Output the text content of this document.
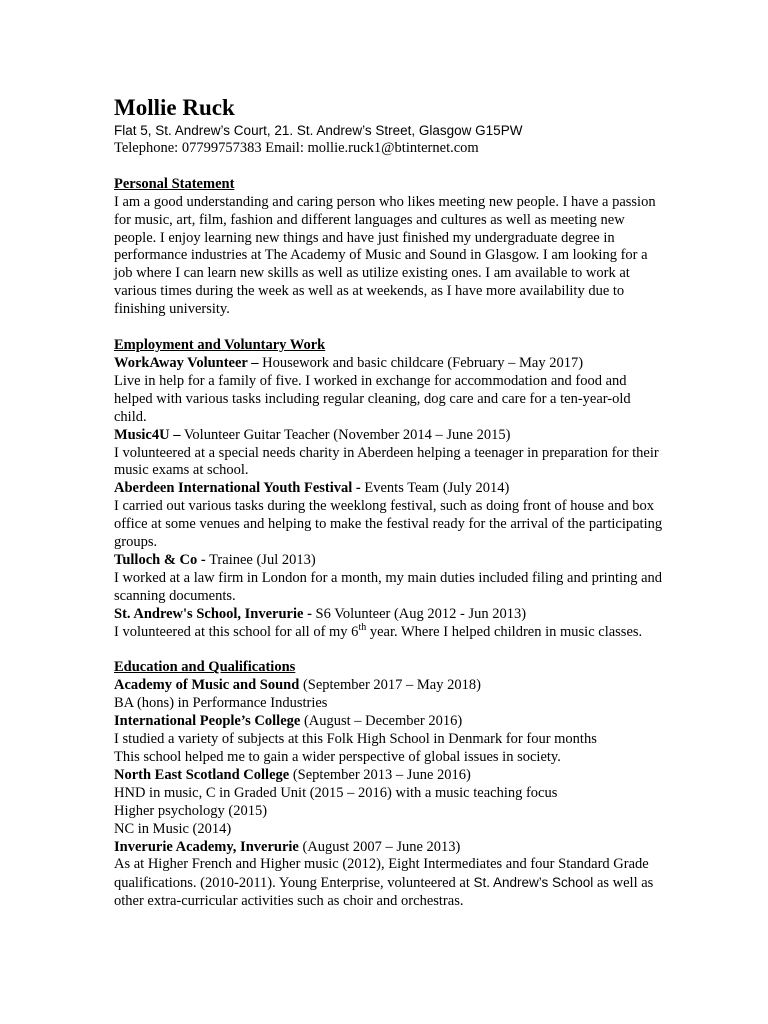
Mollie Ruck
Flat 5, St. Andrew’s Court, 21. St. Andrew’s Street, Glasgow G15PW
Telephone: 07799757383 Email: mollie.ruck1@btinternet.com
Personal Statement

I am a good understanding and caring person who likes meeting new people. I have a passion for music, art, film, fashion and different languages and cultures as well as meeting new people. I enjoy learning new things and have just finished my undergraduate degree in performance industries at The Academy of Music and Sound in Glasgow. I am looking for a job where I can learn new skills as well as utilize existing ones. I am available to work at various times during the week as well as at weekends, as I have more availability due to finishing university.

Employment and Voluntary Work
WorkAway Volunteer – Housework and basic childcare (February – May 2017)

Live in help for a family of five. I worked in exchange for accommodation and food and helped with various tasks including regular cleaning, dog care and care for a ten-year-old child.

Music4U – Volunteer Guitar Teacher (November 2014 – June 2015)

I volunteered at a special needs charity in Aberdeen helping a teenager in preparation for their music exams at school.

Aberdeen International Youth Festival - Events Team (July 2014)

I carried out various tasks during the weeklong festival, such as doing front of house and box office at some venues and helping to make the festival ready for the arrival of the participating groups.

Tulloch & Co - Trainee (Jul 2013)

I worked at a law firm in London for a month, my main duties included filing and printing and scanning documents.

St. Andrew's School, Inverurie - S6 Volunteer (Aug 2012 - Jun 2013)

I volunteered at this school for all of my 6th year. Where I helped children in music classes.

Education and Qualifications
Academy of Music and Sound (September 2017 – May 2018)
BA (hons) in Performance Industries
International People’s College (August – December 2016)
I studied a variety of subjects at this Folk High School in Denmark for four months
This school helped me to gain a wider perspective of global issues in society.
North East Scotland College (September 2013 – June 2016)
HND in music, C in Graded Unit (2015 – 2016) with a music teaching focus
Higher psychology (2015)
NC in Music (2014)
Inverurie Academy, Inverurie (August 2007 – June 2013)

As at Higher French and Higher music (2012), Eight Intermediates and four Standard Grade qualifications. (2010-2011). Young Enterprise, volunteered at St. Andrew’s School as well as other extra-curricular activities such as choir and orchestras.
